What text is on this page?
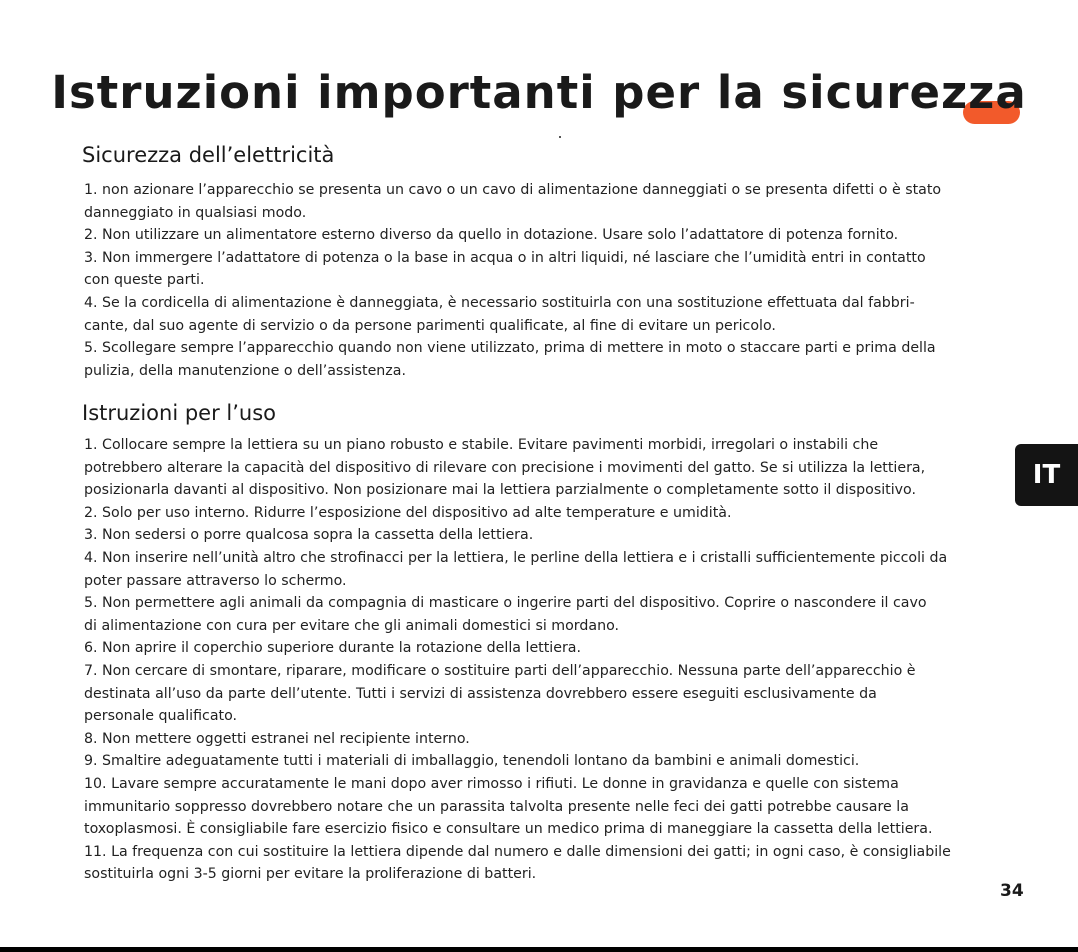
Istruzioni importanti per la sicurezza
Sicurezza dell’elettricità

1. non azionare l’apparecchio se presenta un cavo o un cavo di alimentazione danneggiati o se presenta difetti o è stato

danneggiato in qualsiasi modo.

2. Non utilizzare un alimentatore esterno diverso da quello in dotazione. Usare solo l’adattatore di potenza fornito.

3. Non immergere l’adattatore di potenza o la base in acqua o in altri liquidi, né lasciare che l’umidità entri in contatto

con queste parti.

4. Se la cordicella di alimentazione è danneggiata, è necessario sostituirla con una sostituzione effettuata dal fabbri-

cante, dal suo agente di servizio o da persone parimenti qualificate, al fine di evitare un pericolo.

5. Scollegare sempre l’apparecchio quando non viene utilizzato, prima di mettere in moto o staccare parti e prima della

pulizia, della manutenzione o dell’assistenza.

Istruzioni per l’uso

1. Collocare sempre la lettiera su un piano robusto e stabile. Evitare pavimenti morbidi, irregolari o instabili che

potrebbero alterare la capacità del dispositivo di rilevare con precisione i movimenti del gatto. Se si utilizza la lettiera,

posizionarla davanti al dispositivo. Non posizionare mai la lettiera parzialmente o completamente sotto il dispositivo.

2. Solo per uso interno. Ridurre l’esposizione del dispositivo ad alte temperature e umidità.

3. Non sedersi o porre qualcosa sopra la cassetta della lettiera.

4. Non inserire nell’unità altro che strofinacci per la lettiera, le perline della lettiera e i cristalli sufficientemente piccoli da

poter passare attraverso lo schermo.

5. Non permettere agli animali da compagnia di masticare o ingerire parti del dispositivo. Coprire o nascondere il cavo

di alimentazione con cura per evitare che gli animali domestici si mordano.

6. Non aprire il coperchio superiore durante la rotazione della lettiera.

7. Non cercare di smontare, riparare, modificare o sostituire parti dell’apparecchio. Nessuna parte dell’apparecchio è

destinata all’uso da parte dell’utente. Tutti i servizi di assistenza dovrebbero essere eseguiti esclusivamente da

personale qualificato.

8. Non mettere oggetti estranei nel recipiente interno.

9. Smaltire adeguatamente tutti i materiali di imballaggio, tenendoli lontano da bambini e animali domestici.

10. Lavare sempre accuratamente le mani dopo aver rimosso i rifiuti. Le donne in gravidanza e quelle con sistema

immunitario soppresso dovrebbero notare che un parassita talvolta presente nelle feci dei gatti potrebbe causare la

toxoplasmosi. È consigliabile fare esercizio fisico e consultare un medico prima di maneggiare la cassetta della lettiera.

11. La frequenza con cui sostituire la lettiera dipende dal numero e dalle dimensioni dei gatti; in ogni caso, è consigliabile

sostituirla ogni 3-5 giorni per evitare la proliferazione di batteri.

IT
34
